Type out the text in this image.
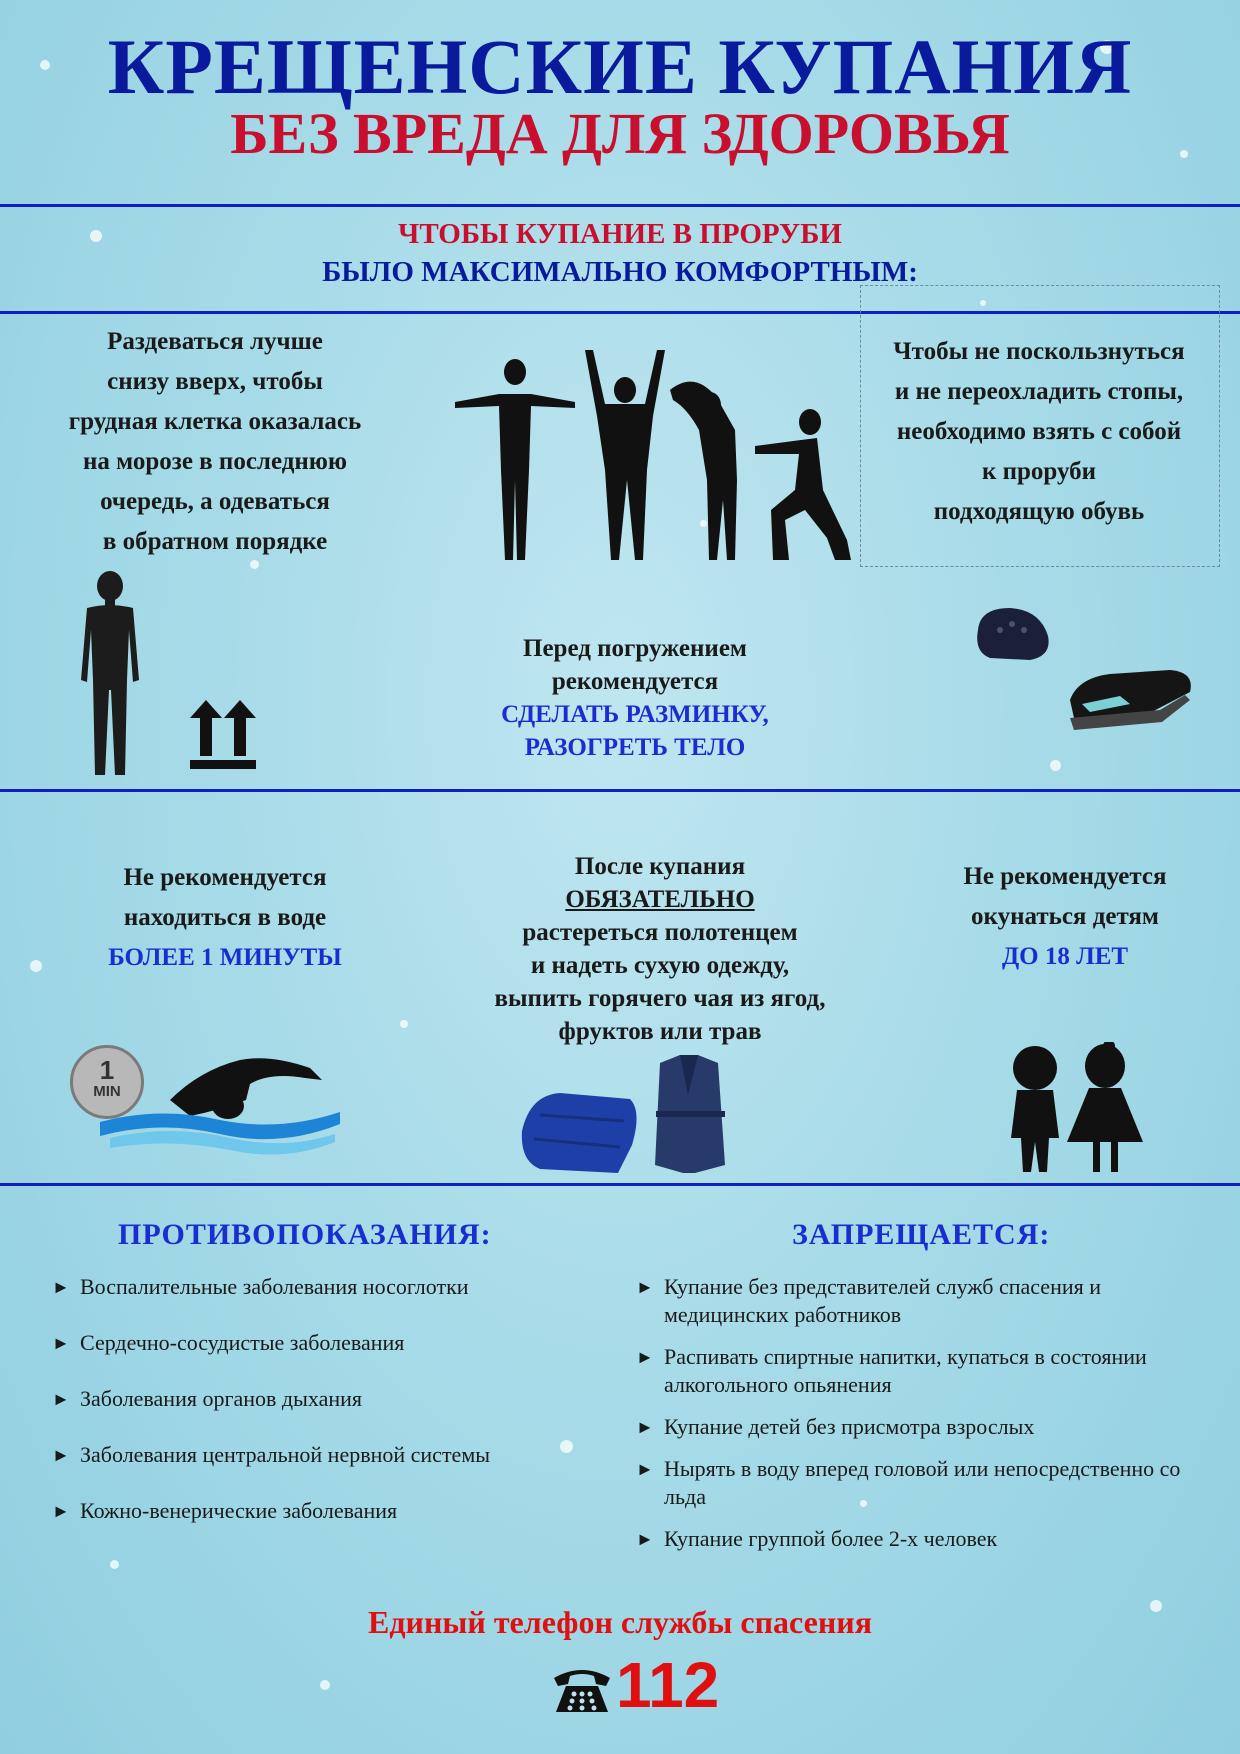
КРЕЩЕНСКИЕ КУПАНИЯ
БЕЗ ВРЕДА ДЛЯ ЗДОРОВЬЯ
ЧТОБЫ КУПАНИЕ В ПРОРУБИ
БЫЛО МАКСИМАЛЬНО КОМФОРТНЫМ:
Раздеваться лучше
снизу вверх, чтобы
грудная клетка оказалась
на морозе в последнюю
очередь, а одеваться
в обратном порядке
Чтобы не поскользнуться
и не переохладить стопы,
необходимо взять с собой
к проруби
подходящую обувь
Перед погружением
рекомендуется
СДЕЛАТЬ РАЗМИНКУ,
РАЗОГРЕТЬ ТЕЛО
Не рекомендуется
находиться в воде
БОЛЕЕ 1 МИНУТЫ
1
MIN
После купания
ОБЯЗАТЕЛЬНО
растереться полотенцем
и надеть сухую одежду,
выпить горячего чая из ягод,
фруктов или трав
Не рекомендуется
окунаться детям
ДО 18 ЛЕТ
ПРОТИВОПОКАЗАНИЯ:
► Воспалительные заболевания носоглотки
► Сердечно-сосудистые заболевания
► Заболевания органов дыхания
► Заболевания центральной нервной системы
► Кожно-венерические заболевания
ЗАПРЕЩАЕТСЯ:
► Купание без представителей служб спасения и медицинских работников
► Распивать спиртные напитки, купаться в состоянии алкогольного опьянения
► Купание детей без присмотра взрослых
► Нырять в воду вперед головой или непосредственно со льда
► Купание группой более 2-х человек
Единый телефон службы спасения
112
